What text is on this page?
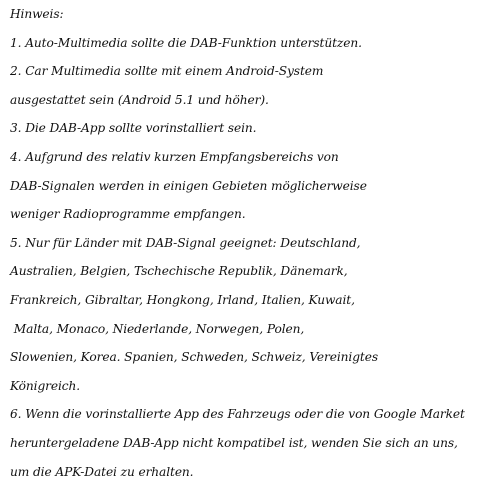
Hinweis:
1. Auto-Multimedia sollte die DAB-Funktion unterstützen.
2. Car Multimedia sollte mit einem Android-System
ausgestattet sein (Android 5.1 und höher).
3. Die DAB-App sollte vorinstalliert sein.
4. Aufgrund des relativ kurzen Empfangsbereichs von
DAB-Signalen werden in einigen Gebieten möglicherweise
weniger Radioprogramme empfangen.
5. Nur für Länder mit DAB-Signal geeignet: Deutschland,
Australien, Belgien, Tschechische Republik, Dänemark,
Frankreich, Gibraltar, Hongkong, Irland, Italien, Kuwait,
Malta, Monaco, Niederlande, Norwegen, Polen,
Slowenien, Korea. Spanien, Schweden, Schweiz, Vereinigtes
Königreich.
6. Wenn die vorinstallierte App des Fahrzeugs oder die von Google Market
heruntergeladene DAB-App nicht kompatibel ist, wenden Sie sich an uns,
um die APK-Datei zu erhalten.
